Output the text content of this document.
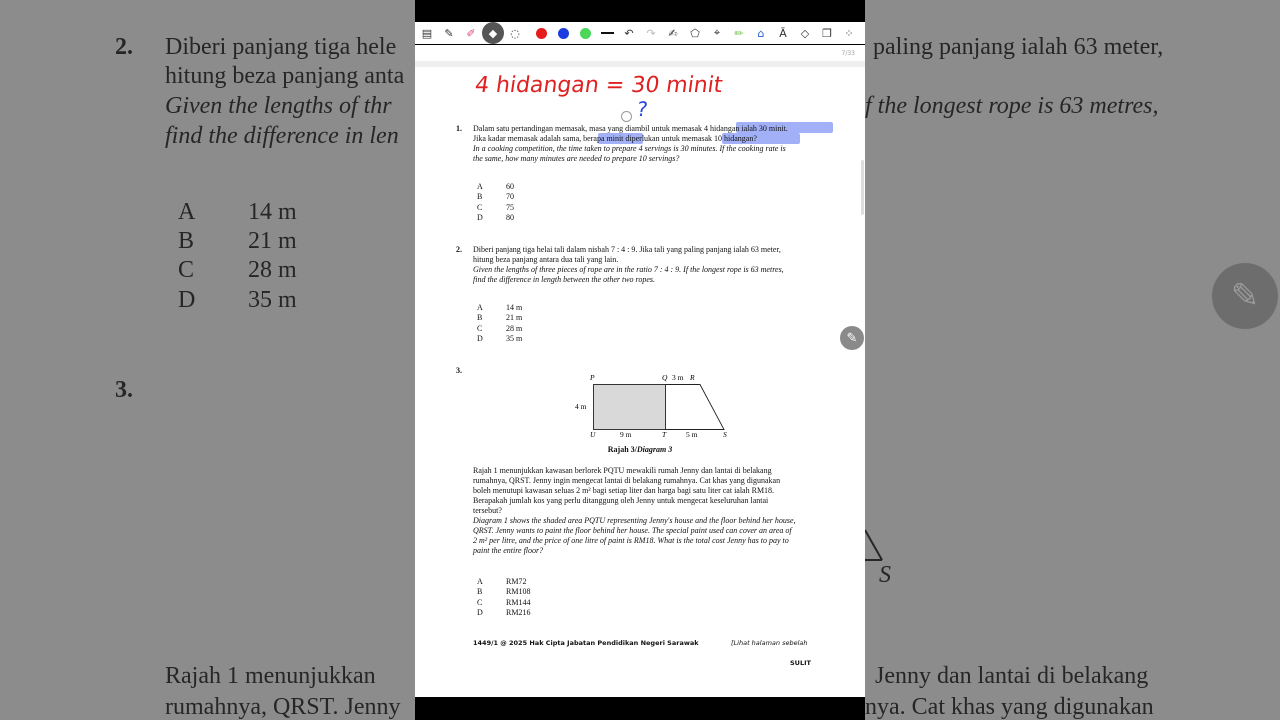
2. Diberi panjang tiga hele
hitung beza panjang anta
Given the lengths of thr
find the difference in len
A 14 m
B 21 m
C 28 m
D 35 m
3.
Rajah 1 menunjukkan
rumahnya, QRST. Jenny
paling panjang ialah 63 meter,
f the longest rope is 63 metres,
S
Jenny dan lantai di belakang
nya. Cat khas yang digunakan
✎
▤	✎	✐	◆	◌	↶	↷	✍	⬠	⌖	✏	⌂	Ā	◇	❐	⁘
7/33
4 hidangan = 30 minit
?
1. Dalam satu pertandingan memasak, masa yang diambil untuk memasak 4 hidangan ialah 30 minit.
Jika kadar memasak adalah sama, berapa minit diperlukan untuk memasak 10 hidangan?
In a cooking competition, the time taken to prepare 4 servings is 30 minutes. If the cooking rate is
the same, how many minutes are needed to prepare 10 servings?
A	60
B	70
C	75
D	80
2. Diberi panjang tiga helai tali dalam nisbah 7 : 4 : 9. Jika tali yang paling panjang ialah 63 meter,
hitung beza panjang antara dua tali yang lain.
Given the lengths of three pieces of rope are in the ratio 7 : 4 : 9. If the longest rope is 63 metres,
find the difference in length between the other two ropes.
A	14 m
B	21 m
C	28 m
D	35 m
3.
P	Q 3 m R
4 m
U	9 m	T	5 m	S
Rajah 3/Diagram 3
Rajah 1 menunjukkan kawasan berlorek PQTU mewakili rumah Jenny dan lantai di belakang
rumahnya, QRST. Jenny ingin mengecat lantai di belakang rumahnya. Cat khas yang digunakan
boleh menutupi kawasan seluas 2 m² bagi setiap liter dan harga bagi satu liter cat ialah RM18.
Berapakah jumlah kos yang perlu ditanggung oleh Jenny untuk mengecat keseluruhan lantai
tersebut?
Diagram 1 shows the shaded area PQTU representing Jenny's house and the floor behind her house,
QRST. Jenny wants to paint the floor behind her house. The special paint used can cover an area of
2 m² per litre, and the price of one litre of paint is RM18. What is the total cost Jenny has to pay to
paint the entire floor?
A	RM72
B	RM108
C	RM144
D	RM216
1449/1 @ 2025 Hak Cipta Jabatan Pendidikan Negeri Sarawak	[Lihat halaman sebelah
SULIT
✎
